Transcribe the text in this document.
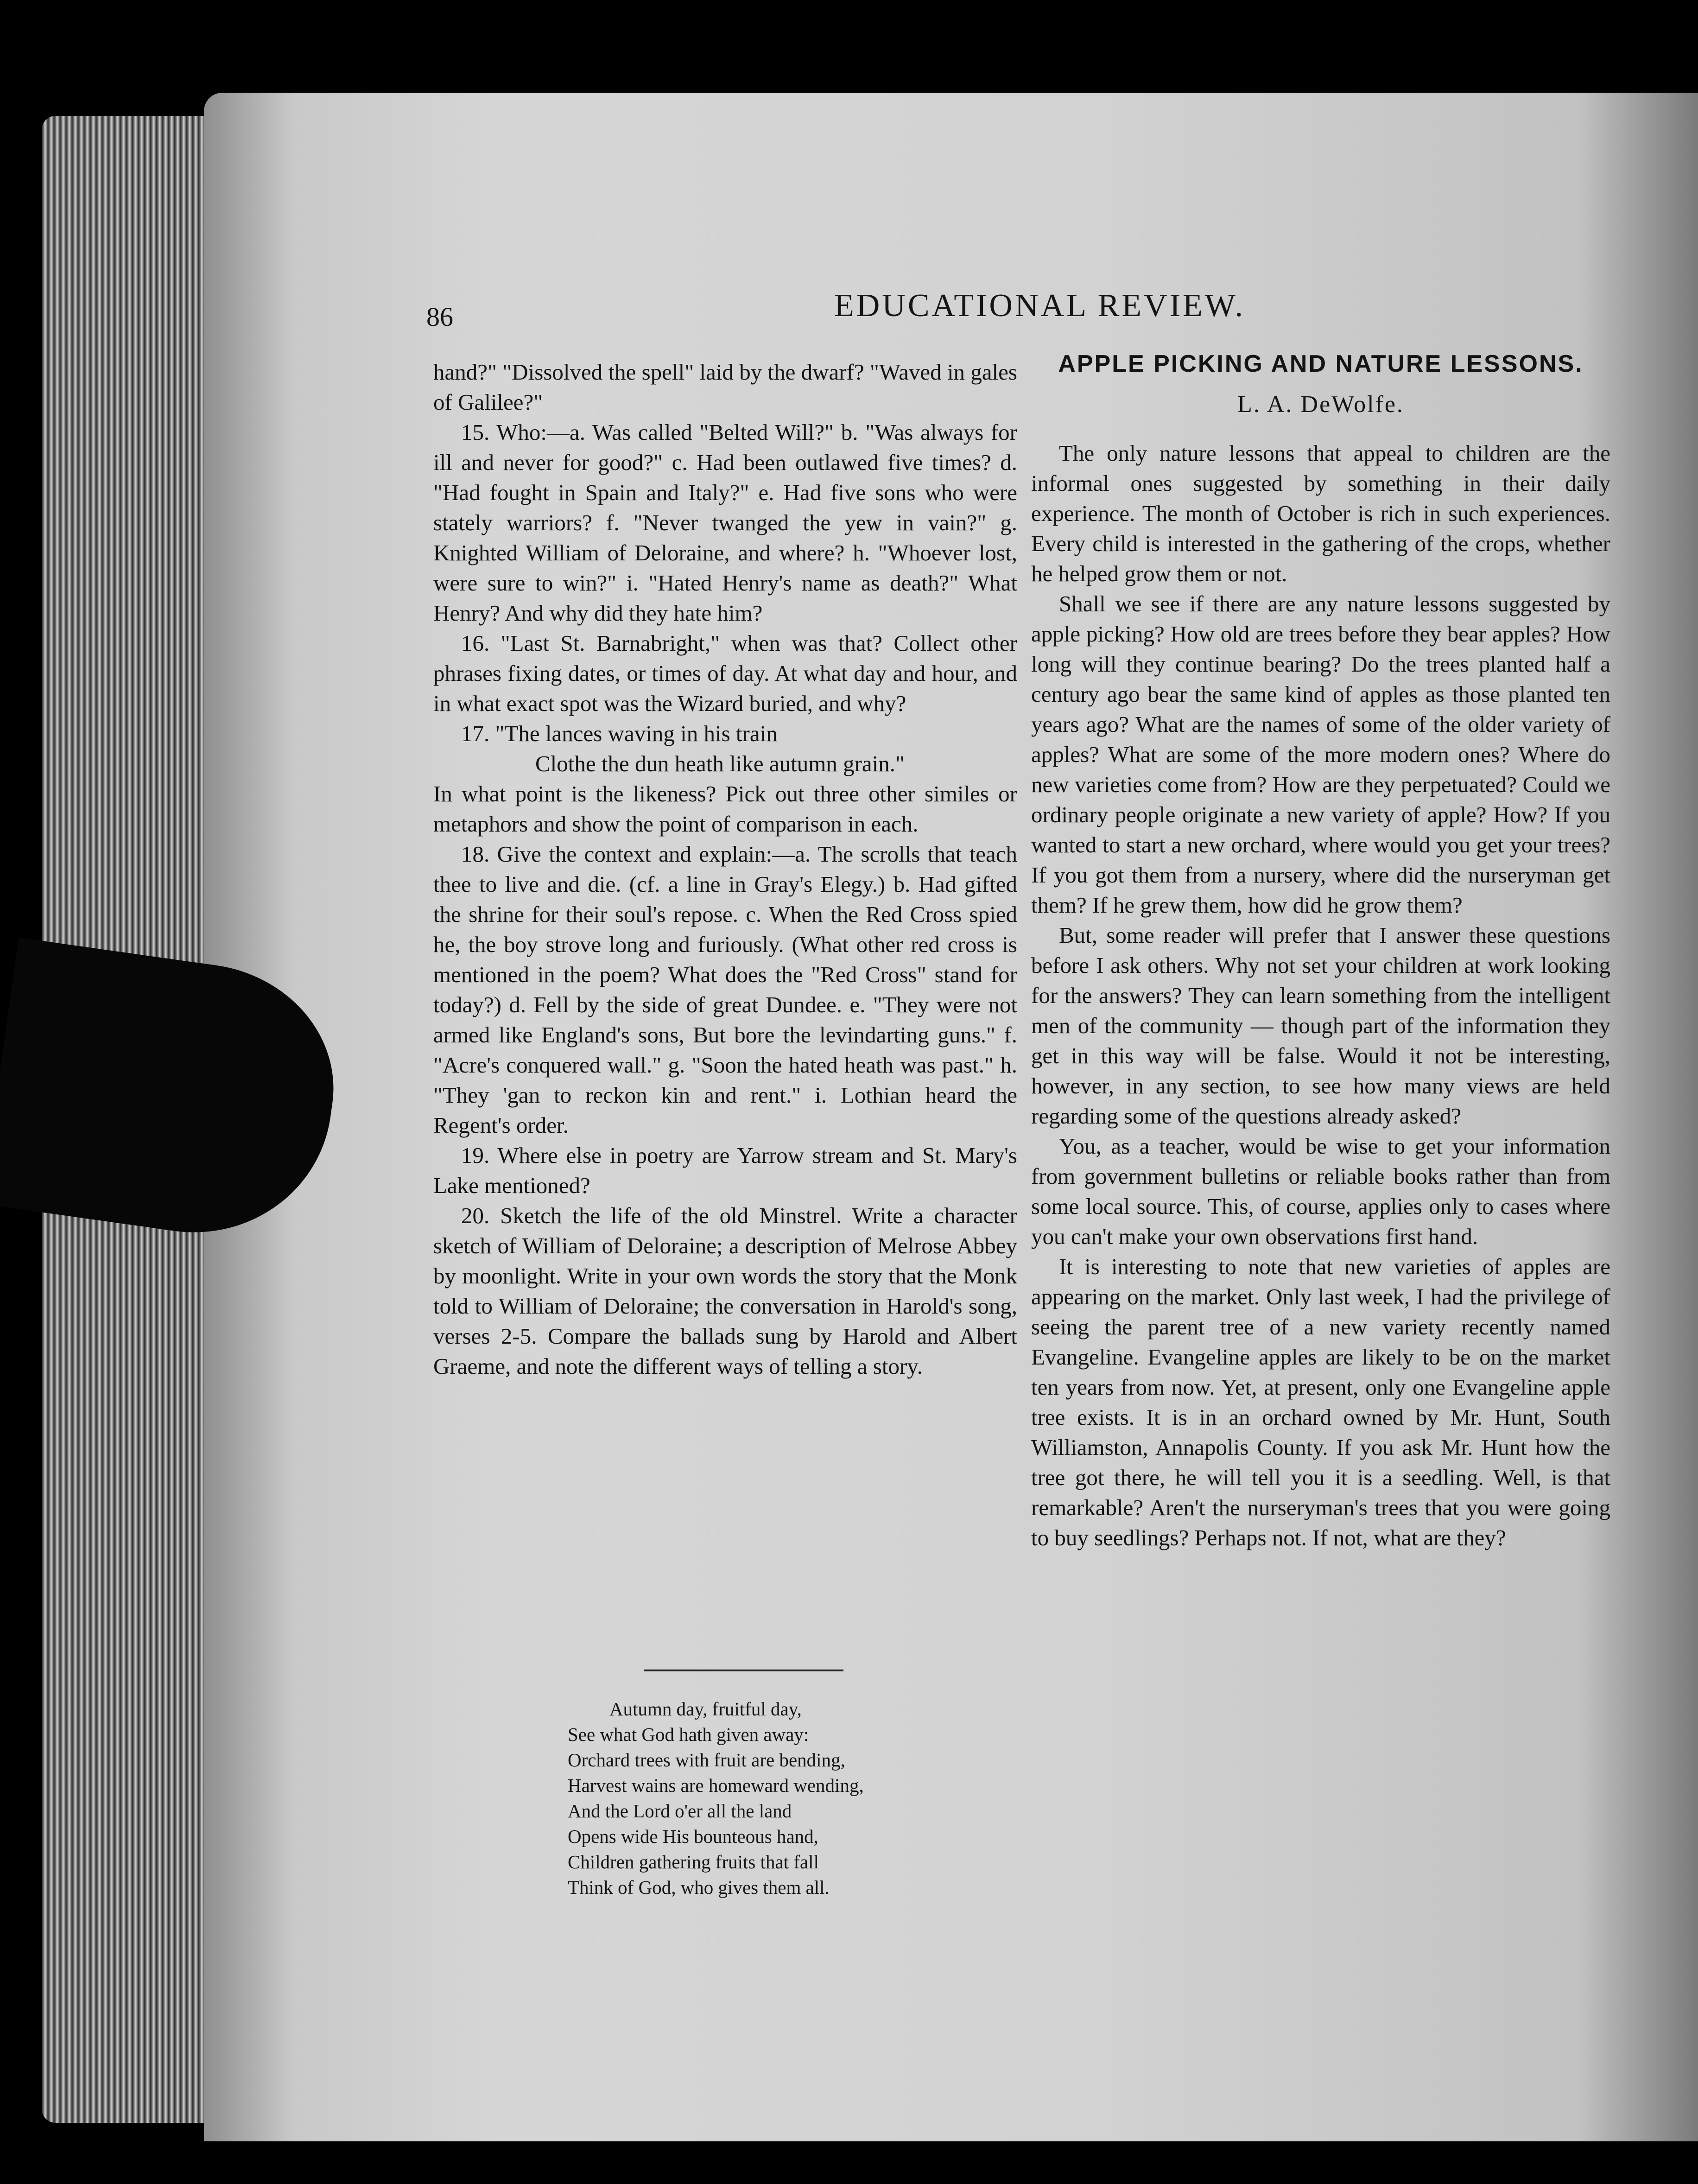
86	EDUCATIONAL REVIEW.

hand?" "Dissolved the spell" laid by the dwarf? "Waved in gales of Galilee?"

15. Who:—a. Was called "Belted Will?" b. "Was always for ill and never for good?" c. Had been outlawed five times? d. "Had fought in Spain and Italy?" e. Had five sons who were stately warriors? f. "Never twanged the yew in vain?" g. Knighted William of Deloraine, and where? h. "Whoever lost, were sure to win?" i. "Hated Henry's name as death?" What Henry? And why did they hate him?

16. "Last St. Barnabright," when was that? Collect other phrases fixing dates, or times of day. At what day and hour, and in what exact spot was the Wizard buried, and why?

17. "The lances waving in his train

Clothe the dun heath like autumn grain."

In what point is the likeness? Pick out three other similes or metaphors and show the point of comparison in each.

18. Give the context and explain:—a. The scrolls that teach thee to live and die. (cf. a line in Gray's Elegy.) b. Had gifted the shrine for their soul's repose. c. When the Red Cross spied he, the boy strove long and furiously. (What other red cross is mentioned in the poem? What does the "Red Cross" stand for today?) d. Fell by the side of great Dundee. e. "They were not armed like England's sons, But bore the levindarting guns." f. "Acre's conquered wall." g. "Soon the hated heath was past." h. "They 'gan to reckon kin and rent." i. Lothian heard the Regent's order.

19. Where else in poetry are Yarrow stream and St. Mary's Lake mentioned?

20. Sketch the life of the old Minstrel. Write a character sketch of William of Deloraine; a description of Melrose Abbey by moonlight. Write in your own words the story that the Monk told to William of Deloraine; the conversation in Harold's song, verses 2-5. Compare the ballads sung by Harold and Albert Graeme, and note the different ways of telling a story.

Autumn day, fruitful day,
See what God hath given away:
Orchard trees with fruit are bending,
Harvest wains are homeward wending,
And the Lord o'er all the land
Opens wide His bounteous hand,
Children gathering fruits that fall
Think of God, who gives them all.
APPLE PICKING AND NATURE LESSONS.
L. A. DeWolfe.

The only nature lessons that appeal to children are the informal ones suggested by something in their daily experience. The month of October is rich in such experiences. Every child is interested in the gathering of the crops, whether he helped grow them or not.

Shall we see if there are any nature lessons suggested by apple picking? How old are trees before they bear apples? How long will they continue bearing? Do the trees planted half a century ago bear the same kind of apples as those planted ten years ago? What are the names of some of the older variety of apples? What are some of the more modern ones? Where do new varieties come from? How are they perpetuated? Could we ordinary people originate a new variety of apple? How? If you wanted to start a new orchard, where would you get your trees? If you got them from a nursery, where did the nurseryman get them? If he grew them, how did he grow them?

But, some reader will prefer that I answer these questions before I ask others. Why not set your children at work looking for the answers? They can learn something from the intelligent men of the community — though part of the information they get in this way will be false. Would it not be interesting, however, in any section, to see how many views are held regarding some of the questions already asked?

You, as a teacher, would be wise to get your information from government bulletins or reliable books rather than from some local source. This, of course, applies only to cases where you can't make your own observations first hand.

It is interesting to note that new varieties of apples are appearing on the market. Only last week, I had the privilege of seeing the parent tree of a new variety recently named Evangeline. Evangeline apples are likely to be on the market ten years from now. Yet, at present, only one Evangeline apple tree exists. It is in an orchard owned by Mr. Hunt, South Williamston, Annapolis County. If you ask Mr. Hunt how the tree got there, he will tell you it is a seedling. Well, is that remarkable? Aren't the nurseryman's trees that you were going to buy seedlings? Perhaps not. If not, what are they?
